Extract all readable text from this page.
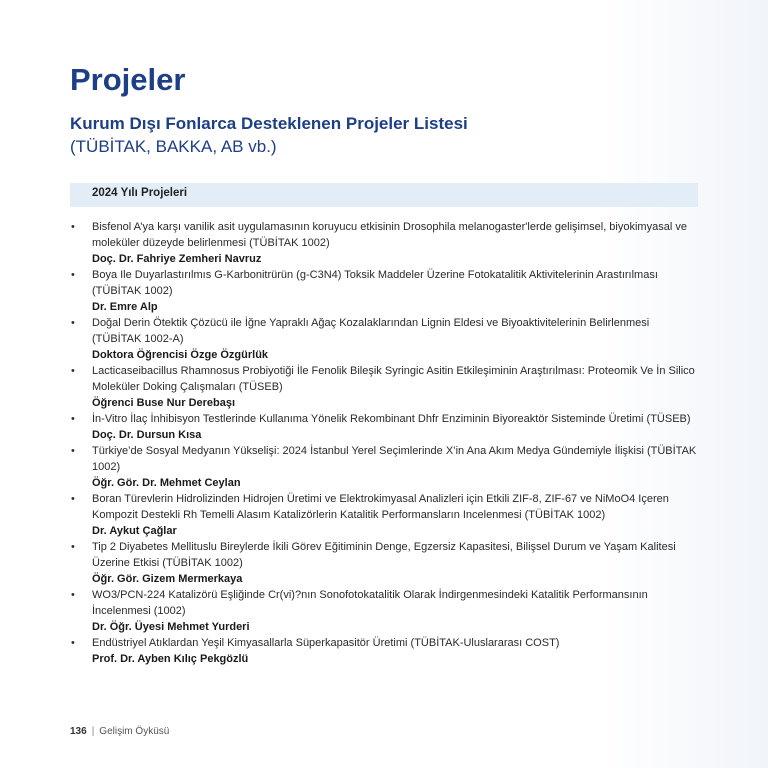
Projeler
Kurum Dışı Fonlarca Desteklenen Projeler Listesi
(TÜBİTAK, BAKKA, AB vb.)
2024 Yılı Projeleri
• Bisfenol A’ya karşı vanilik asit uygulamasının koruyucu etkisinin Drosophila melanogaster'lerde gelişimsel, biyokimyasal ve moleküler düzeyde belirlenmesi (TÜBİTAK 1002)

Doç. Dr. Fahriye Zemheri Navruz

• Boya Ile Duyarlastırılmıs G-Karbonitrürün (g-C3N4) Toksik Maddeler Üzerine Fotokatalitik Aktivitelerinin Arastırılması (TÜBİTAK 1002)

Dr. Emre Alp

• Doğal Derin Ötektik Çözücü ile İğne Yapraklı Ağaç Kozalaklarından Lignin Eldesi ve Biyoaktivitelerinin Belirlenmesi (TÜBİTAK 1002-A)

Doktora Öğrencisi Özge Özgürlük

• Lacticaseibacillus Rhamnosus Probiyotiği İle Fenolik Bileşik Syringic Asitin Etkileşiminin Araştırılması: Proteomik Ve İn Silico Moleküler Doking Çalışmaları (TÜSEB)

Öğrenci Buse Nur Derebaşı

• İn-Vitro İlaç İnhibisyon Testlerinde Kullanıma Yönelik Rekombinant Dhfr Enziminin Biyoreaktör Sisteminde Üretimi (TÜSEB)

Doç. Dr. Dursun Kısa

• Türkiye’de Sosyal Medyanın Yükselişi: 2024 İstanbul Yerel Seçimlerinde X’in Ana Akım Medya Gündemiyle İlişkisi (TÜBİTAK 1002)

Öğr. Gör. Dr. Mehmet Ceylan

• Boran Türevlerin Hidrolizinden Hidrojen Üretimi ve Elektrokimyasal Analizleri için Etkili ZIF-8, ZIF-67 ve NiMoO4 Içeren Kompozit Destekli Rh Temelli Alasım Katalizörlerin Katalitik Performansların Incelenmesi (TÜBİTAK 1002)

Dr. Aykut Çağlar

• Tip 2 Diyabetes Mellituslu Bireylerde İkili Görev Eğitiminin Denge, Egzersiz Kapasitesi, Bilişsel Durum ve Yaşam Kalitesi Üzerine Etkisi (TÜBİTAK 1002)

Öğr. Gör. Gizem Mermerkaya

• WO3/PCN-224 Katalizörü Eşliğinde Cr(vi)?nın Sonofotokatalitik Olarak İndirgenmesindeki Katalitik Performansının İncelenmesi (1002)

Dr. Öğr. Üyesi Mehmet Yurderi

• Endüstriyel Atıklardan Yeşil Kimyasallarla Süperkapasitör Üretimi (TÜBİTAK-Uluslararası COST)

Prof. Dr. Ayben Kılıç Pekgözlü

136 | Gelişim Öyküsü
